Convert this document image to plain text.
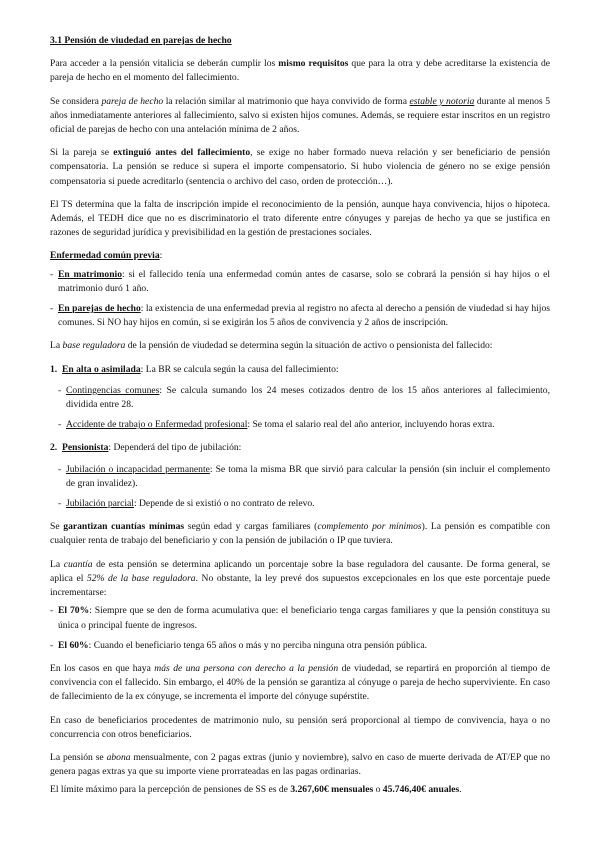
3.1 Pensión de viudedad en parejas de hecho

Para acceder a la pensión vitalicia se deberán cumplir los mismo requisitos que para la otra y debe acreditarse la existencia de pareja de hecho en el momento del fallecimiento.

Se considera pareja de hecho la relación similar al matrimonio que haya convivido de forma estable y notoria durante al menos 5 años inmediatamente anteriores al fallecimiento, salvo si existen hijos comunes. Además, se requiere estar inscritos en un registro oficial de parejas de hecho con una antelación mínima de 2 años.

Si la pareja se extinguió antes del fallecimiento, se exige no haber formado nueva relación y ser beneficiario de pensión compensatoria. La pensión se reduce si supera el importe compensatorio. Si hubo violencia de género no se exige pensión compensatoria si puede acreditarlo (sentencia o archivo del caso, orden de protección…).

El TS determina que la falta de inscripción impide el reconocimiento de la pensión, aunque haya convivencia, hijos o hipoteca. Además, el TEDH dice que no es discriminatorio el trato diferente entre cónyuges y parejas de hecho ya que se justifica en razones de seguridad jurídica y previsibilidad en la gestión de prestaciones sociales.

Enfermedad común previa:

- En matrimonio: si el fallecido tenía una enfermedad común antes de casarse, solo se cobrará la pensión si hay hijos o el matrimonio duró 1 año.
- En parejas de hecho: la existencia de una enfermedad previa al registro no afecta al derecho a pensión de viudedad si hay hijos comunes. Si NO hay hijos en común, si se exigirán los 5 años de convivencia y 2 años de inscripción.

La base reguladora de la pensión de viudedad se determina según la situación de activo o pensionista del fallecido:

1. En alta o asimilada: La BR se calcula según la causa del fallecimiento:

- Contingencias comunes: Se calcula sumando los 24 meses cotizados dentro de los 15 años anteriores al fallecimiento, dividida entre 28.
- Accidente de trabajo o Enfermedad profesional: Se toma el salario real del año anterior, incluyendo horas extra.

2. Pensionista: Dependerá del tipo de jubilación:

- Jubilación o incapacidad permanente: Se toma la misma BR que sirvió para calcular la pensión (sin incluir el complemento de gran invalidez).
- Jubilación parcial: Depende de si existió o no contrato de relevo.

Se garantizan cuantías mínimas según edad y cargas familiares (complemento por mínimos). La pensión es compatible con cualquier renta de trabajo del beneficiario y con la pensión de jubilación o IP que tuviera.

La cuantía de esta pensión se determina aplicando un porcentaje sobre la base reguladora del causante. De forma general, se aplica el 52% de la base reguladora. No obstante, la ley prevé dos supuestos excepcionales en los que este porcentaje puede incrementarse:

- El 70%: Siempre que se den de forma acumulativa que: el beneficiario tenga cargas familiares y que la pensión constituya su única o principal fuente de ingresos.
- El 60%: Cuando el beneficiario tenga 65 años o más y no perciba ninguna otra pensión pública.

En los casos en que haya más de una persona con derecho a la pensión de viudedad, se repartirá en proporción al tiempo de convivencia con el fallecido. Sin embargo, el 40% de la pensión se garantiza al cónyuge o pareja de hecho superviviente. En caso de fallecimiento de la ex cónyuge, se incrementa el importe del cónyuge supérstite.

En caso de beneficiarios procedentes de matrimonio nulo, su pensión será proporcional al tiempo de convivencia, haya o no concurrencia con otros beneficiarios.

La pensión se abona mensualmente, con 2 pagas extras (junio y noviembre), salvo en caso de muerte derivada de AT/EP que no genera pagas extras ya que su importe viene prorrateadas en las pagas ordinarias.

El límite máximo para la percepción de pensiones de SS es de 3.267,60€ mensuales o 45.746,40€ anuales.
